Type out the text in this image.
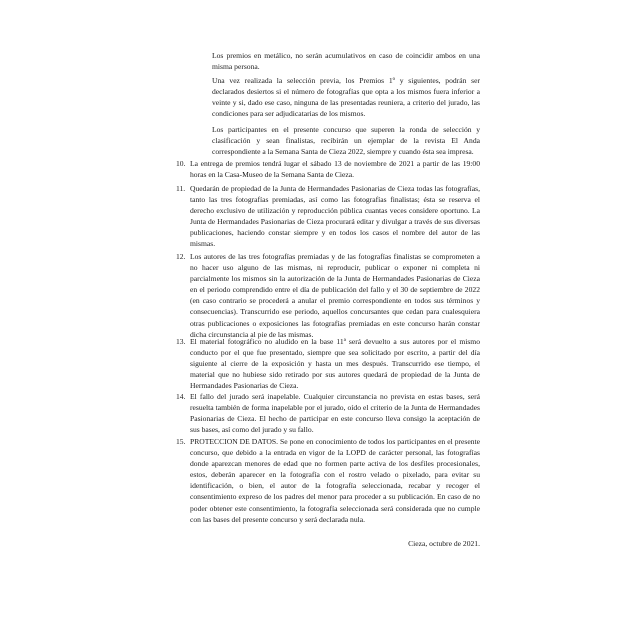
Los premios en metálico, no serán acumulativos en caso de coincidir ambos en una misma persona.

Una vez realizada la selección previa, los Premios 1º y siguientes, podrán ser declarados desiertos si el número de fotografías que opta a los mismos fuera inferior a veinte y si, dado ese caso, ninguna de las presentadas reuniera, a criterio del jurado, las condiciones para ser adjudicatarias de los mismos.

Los participantes en el presente concurso que superen la ronda de selección y clasificación y sean finalistas, recibirán un ejemplar de la revista El Anda correspondiente a la Semana Santa de Cieza 2022, siempre y cuando ésta sea impresa.

10. La entrega de premios tendrá lugar el sábado 13 de noviembre de 2021 a partir de las 19:00 horas en la Casa-Museo de la Semana Santa de Cieza.
11. Quedarán de propiedad de la Junta de Hermandades Pasionarias de Cieza todas las fotografías, tanto las tres fotografías premiadas, así como las fotografías finalistas; ésta se reserva el derecho exclusivo de utilización y reproducción pública cuantas veces considere oportuno. La Junta de Hermandades Pasionarias de Cieza procurará editar y divulgar a través de sus diversas publicaciones, haciendo constar siempre y en todos los casos el nombre del autor de las mismas.
12. Los autores de las tres fotografías premiadas y de las fotografías finalistas se comprometen a no hacer uso alguno de las mismas, ni reproducir, publicar o exponer ni completa ni parcialmente los mismos sin la autorización de la Junta de Hermandades Pasionarias de Cieza en el periodo comprendido entre el día de publicación del fallo y el 30 de septiembre de 2022 (en caso contrario se procederá a anular el premio correspondiente en todos sus términos y consecuencias). Transcurrido ese periodo, aquellos concursantes que cedan para cualesquiera otras publicaciones o exposiciones las fotografías premiadas en este concurso harán constar dicha circunstancia al pie de las mismas.
13. El material fotográfico no aludido en la base 11ª será devuelto a sus autores por el mismo conducto por el que fue presentado, siempre que sea solicitado por escrito, a partir del día siguiente al cierre de la exposición y hasta un mes después. Transcurrido ese tiempo, el material que no hubiese sido retirado por sus autores quedará de propiedad de la Junta de Hermandades Pasionarias de Cieza.
14. El fallo del jurado será inapelable. Cualquier circunstancia no prevista en estas bases, será resuelta también de forma inapelable por el jurado, oído el criterio de la Junta de Hermandades Pasionarias de Cieza. El hecho de participar en este concurso lleva consigo la aceptación de sus bases, así como del jurado y su fallo.
15. PROTECCION DE DATOS. Se pone en conocimiento de todos los participantes en el presente concurso, que debido a la entrada en vigor de la LOPD de carácter personal, las fotografías donde aparezcan menores de edad que no formen parte activa de los desfiles procesionales, estos, deberán aparecer en la fotografía con el rostro velado o pixelado, para evitar su identificación, o bien, el autor de la fotografía seleccionada, recabar y recoger el consentimiento expreso de los padres del menor para proceder a su publicación. En caso de no poder obtener este consentimiento, la fotografía seleccionada será considerada que no cumple con las bases del presente concurso y será declarada nula.
Cieza, octubre de 2021.
